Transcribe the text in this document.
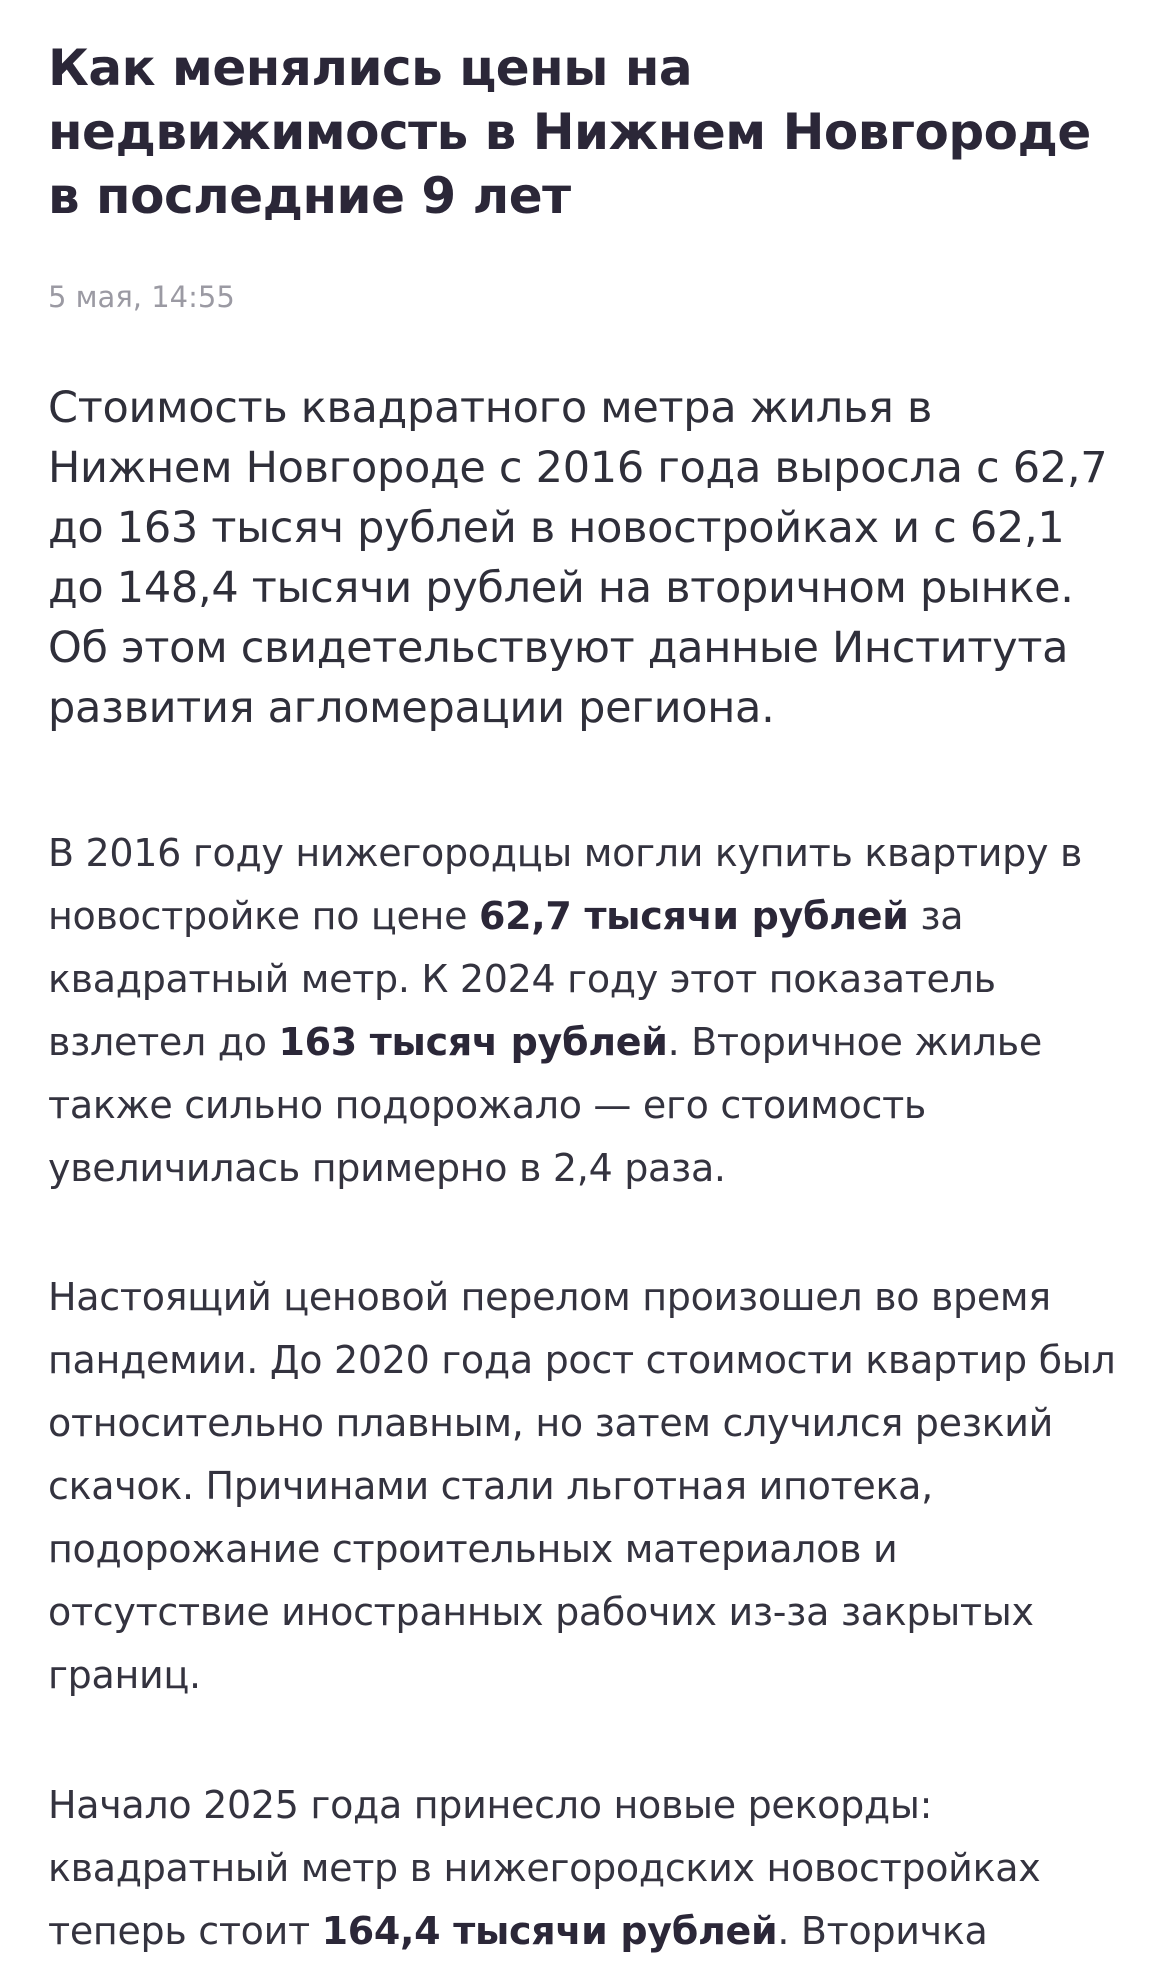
Как менялись цены на недвижимость в Нижнем Новгороде в последние 9 лет
5 мая, 14:55

Стоимость квадратного метра жилья в Нижнем Новгороде с 2016 года выросла с 62,7 до 163 тысяч рублей в новостройках и с 62,1 до 148,4 тысячи рублей на вторичном рынке. Об этом свидетельствуют данные Института развития агломерации региона.

В 2016 году нижегородцы могли купить квартиру в новостройке по цене 62,7 тысячи рублей за квадратный метр. К 2024 году этот показатель взлетел до 163 тысяч рублей. Вторичное жилье также сильно подорожало — его стоимость увеличилась примерно в 2,4 раза.

Настоящий ценовой перелом произошел во время пандемии. До 2020 года рост стоимости квартир был относительно плавным, но затем случился резкий скачок. Причинами стали льготная ипотека, подорожание строительных материалов и отсутствие иностранных рабочих из-за закрытых границ.

Начало 2025 года принесло новые рекорды: квадратный метр в нижегородских новостройках теперь стоит 164,4 тысячи рублей. Вторичка
